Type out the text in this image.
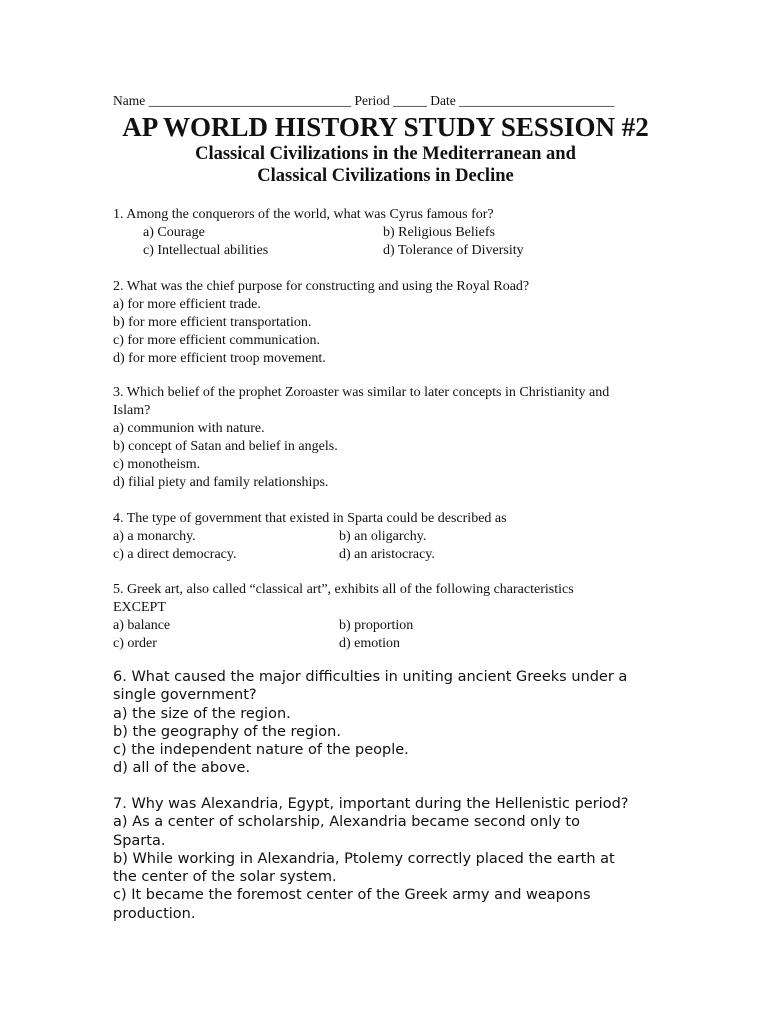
Name ______________________________ Period _____ Date _______________________
AP WORLD HISTORY STUDY SESSION #2
Classical Civilizations in the Mediterranean and
Classical Civilizations in Decline

1. Among the conquerors of the world, what was Cyrus famous for?

a) Courage	b) Religious Beliefs
c) Intellectual abilities	d) Tolerance of Diversity

2. What was the chief purpose for constructing and using the Royal Road?

a) for more efficient trade.

b) for more efficient transportation.

c) for more efficient communication.

d) for more efficient troop movement.

3. Which belief of the prophet Zoroaster was similar to later concepts in Christianity and

Islam?

a) communion with nature.

b) concept of Satan and belief in angels.

c) monotheism.

d) filial piety and family relationships.

4. The type of government that existed in Sparta could be described as

a) a monarchy.	b) an oligarchy.
c) a direct democracy.	d) an aristocracy.

5. Greek art, also called “classical art”, exhibits all of the following characteristics

EXCEPT

a) balance	b) proportion
c) order	d) emotion

6. What caused the major difficulties in uniting ancient Greeks under a

single government?

a) the size of the region.

b) the geography of the region.

c) the independent nature of the people.

d) all of the above.

7. Why was Alexandria, Egypt, important during the Hellenistic period?

a) As a center of scholarship, Alexandria became second only to

Sparta.

b) While working in Alexandria, Ptolemy correctly placed the earth at

the center of the solar system.

c) It became the foremost center of the Greek army and weapons

production.
